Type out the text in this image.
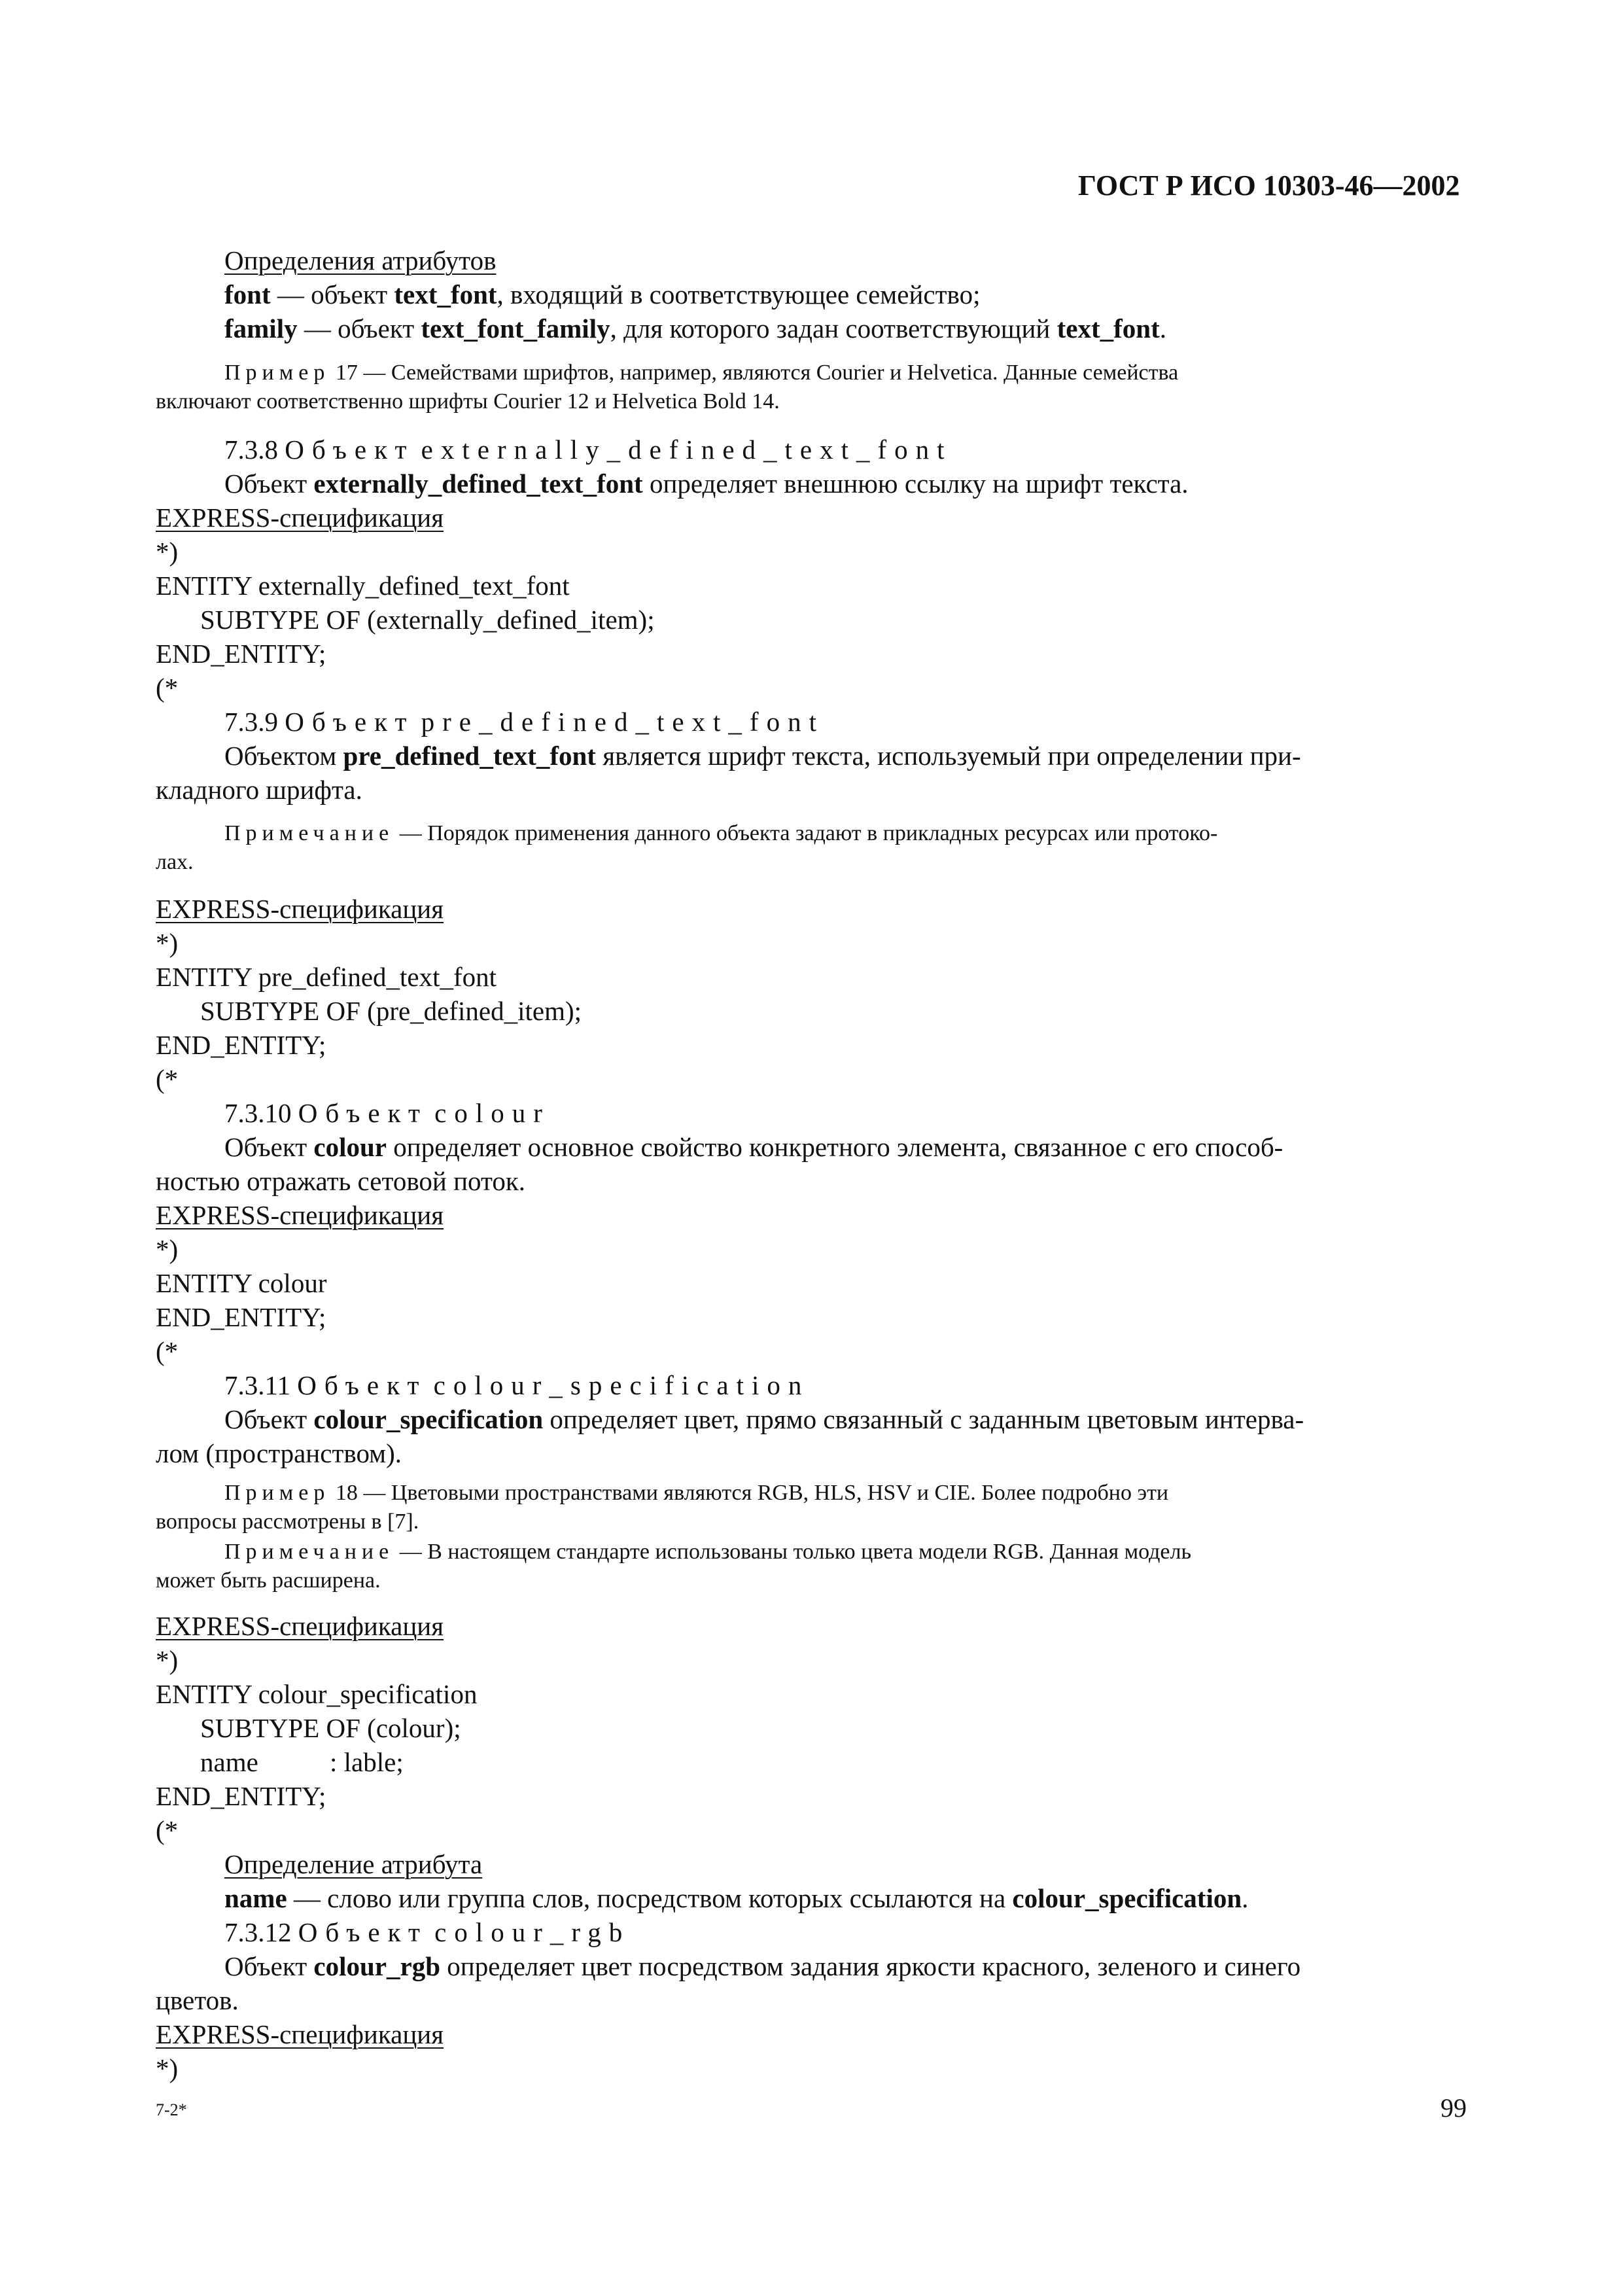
ГОСТ Р ИСО 10303-46—2002
Определения атрибутов
font — объект text_font, входящий в соответствующее семейство;
family — объект text_font_family, для которого задан соответствующий text_font.
Пример 17 — Семействами шрифтов, например, являются Courier и Helvetica. Данные семейства
включают соответственно шрифты Courier 12 и Helvetica Bold 14.
7.3.8 Объект externally_defined_text_font
Объект externally_defined_text_font определяет внешнюю ссылку на шрифт текста.
EXPRESS-спецификация
*)
ENTITY externally_defined_text_font
SUBTYPE OF (externally_defined_item);
END_ENTITY;
(*
7.3.9 Объект pre_defined_text_font
Объектом pre_defined_text_font является шрифт текста, используемый при определении при-
кладного шрифта.
Примечание — Порядок применения данного объекта задают в прикладных ресурсах или протоко-
лах.
EXPRESS-спецификация
*)
ENTITY pre_defined_text_font
SUBTYPE OF (pre_defined_item);
END_ENTITY;
(*
7.3.10 Объект colour
Объект colour определяет основное свойство конкретного элемента, связанное с его способ-
ностью отражать сетовой поток.
EXPRESS-спецификация
*)
ENTITY colour
END_ENTITY;
(*
7.3.11 Объект colour_specification
Объект colour_specification определяет цвет, прямо связанный с заданным цветовым интерва-
лом (пространством).
Пример 18 — Цветовыми пространствами являются RGB, HLS, HSV и CIE. Более подробно эти
вопросы рассмотрены в [7].
Примечание — В настоящем стандарте использованы только цвета модели RGB. Данная модель
может быть расширена.
EXPRESS-спецификация
*)
ENTITY colour_specification
SUBTYPE OF (colour);
name	: lable;
END_ENTITY;
(*
Определение атрибута
name — слово или группа слов, посредством которых ссылаются на colour_specification.
7.3.12 Объект colour_rgb
Объект colour_rgb определяет цвет посредством задания яркости красного, зеленого и синего
цветов.
EXPRESS-спецификация
*)
7-2*	99
